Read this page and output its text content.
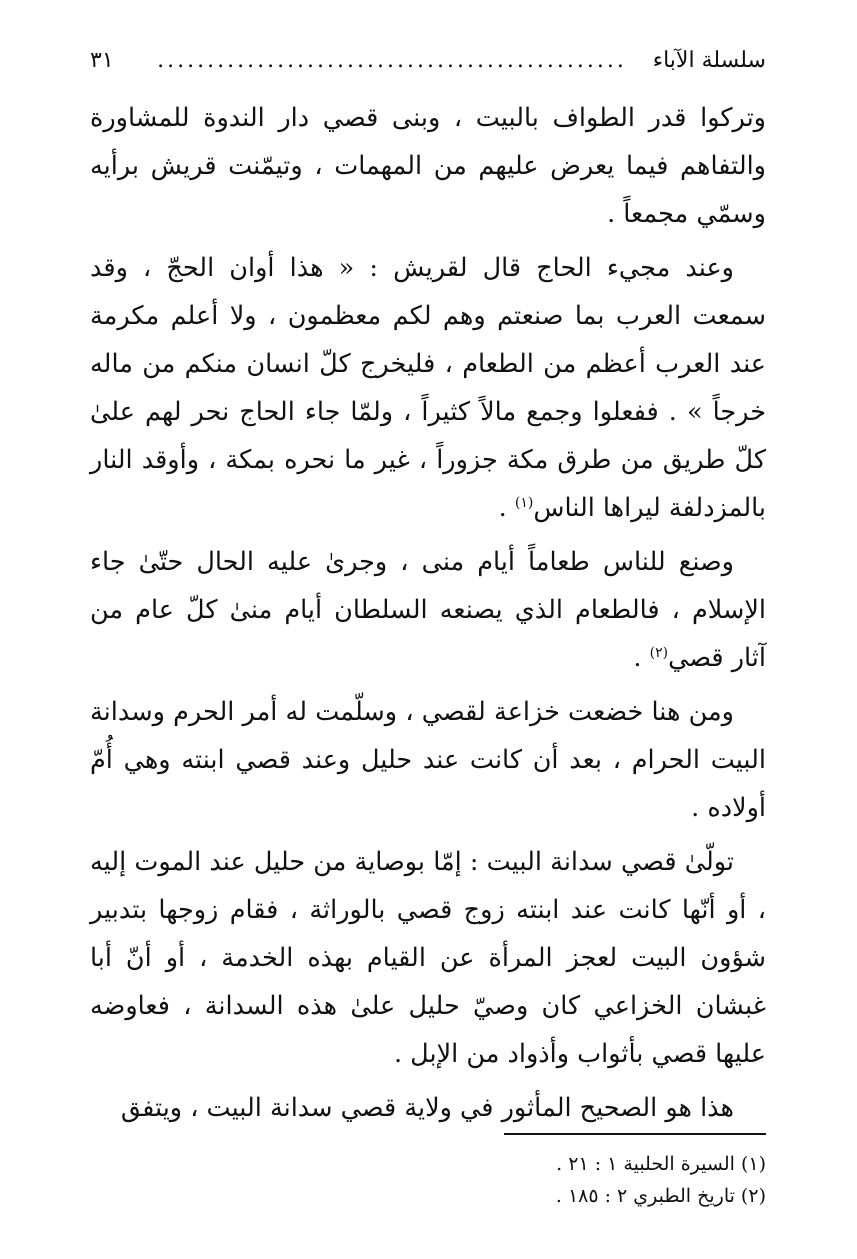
سلسلة الآباء
...............................................
٣١

وتركوا قدر الطواف بالبيت ، وبنى قصي دار الندوة للمشاورة والتفاهم فيما يعرض عليهم من المهمات ، وتيمّنت قريش برأيه وسمّي مجمعاً .

وعند مجيء الحاج قال لقريش : « هذا أوان الحجّ ، وقد سمعت العرب بما صنعتم وهم لكم معظمون ، ولا أعلم مكرمة عند العرب أعظم من الطعام ، فليخرج كلّ انسان منكم من ماله خرجاً » . ففعلوا وجمع مالاً كثيراً ، ولمّا جاء الحاج نحر لهم علىٰ كلّ طريق من طرق مكة جزوراً ، غير ما نحره بمكة ، وأوقد النار بالمزدلفة ليراها الناس$^{(١)}$ .

وصنع للناس طعاماً أيام منى ، وجرىٰ عليه الحال حتّىٰ جاء الإسلام ، فالطعام الذي يصنعه السلطان أيام منىٰ كلّ عام من آثار قصي$^{(٢)}$ .

ومن هنا خضعت خزاعة لقصي ، وسلّمت له أمر الحرم وسدانة البيت الحرام ، بعد أن كانت عند حليل وعند قصي ابنته وهي أُمّ أولاده .

تولّىٰ قصي سدانة البيت : إمّا بوصاية من حليل عند الموت إليه ، أو أنّها كانت عند ابنته زوج قصي بالوراثة ، فقام زوجها بتدبير شؤون البيت لعجز المرأة عن القيام بهذه الخدمة ، أو أنّ أبا غبشان الخزاعي كان وصيّ حليل علىٰ هذه السدانة ، فعاوضه عليها قصي بأثواب وأذواد من الإبل .

هذا هو الصحيح المأثور في ولاية قصي سدانة البيت ، ويتفق

(١) السيرة الحلبية ١ : ٢١ .
(٢) تاريخ الطبري ٢ : ١٨٥ .
